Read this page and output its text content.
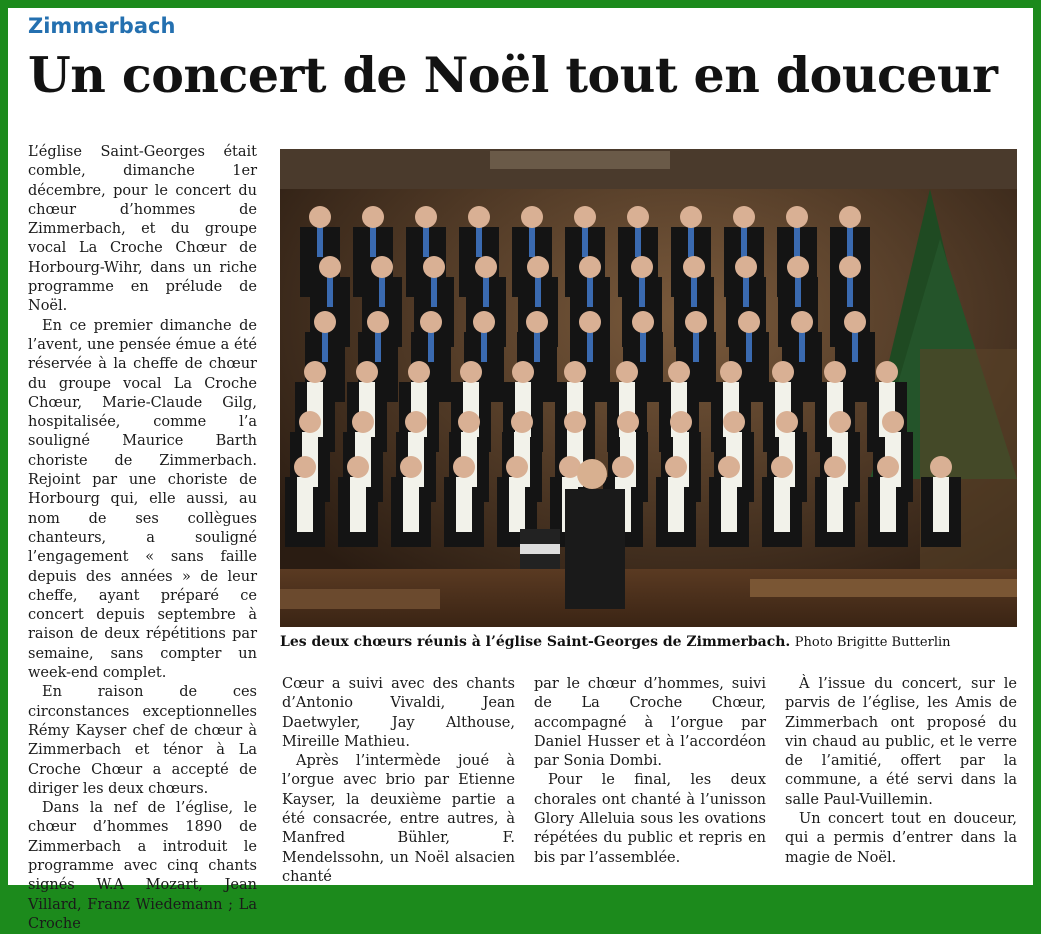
Zimmerbach
Un concert de Noël tout en douceur

L’église Saint-Georges était comble, dimanche 1er décembre, pour le concert du chœur d’hommes de Zimmerbach, et du groupe vocal La Croche Chœur de Horbourg-Wihr, dans un riche programme en prélude de Noël.

En ce premier dimanche de l’avent, une pensée émue a été réservée à la cheffe de chœur du groupe vocal La Croche Chœur, Marie-Claude Gilg, hospitalisée, comme l’a souligné Maurice Barth choriste de Zimmerbach. Rejoint par une choriste de Horbourg qui, elle aussi, au nom de ses collègues chanteurs, a souligné l’engagement « sans faille depuis des années » de leur cheffe, ayant préparé ce concert depuis septembre à raison de deux répétitions par semaine, sans compter un week-end complet.

En raison de ces circonstances exceptionnelles Rémy Kayser chef de chœur à Zimmerbach et ténor à La Croche Chœur a accepté de diriger les deux chœurs.

Dans la nef de l’église, le chœur d’hommes 1890 de Zimmerbach a introduit le programme avec cinq chants signés W.A Mozart, Jean Villard, Franz Wiedemann ; La Croche

Les deux chœurs réunis à l’église Saint-Georges de Zimmerbach. Photo Brigitte Butterlin

Cœur a suivi avec des chants d’Antonio Vivaldi, Jean Daetwyler, Jay Althouse, Mireille Mathieu.

Après l’intermède joué à l’orgue avec brio par Etienne Kayser, la deuxième partie a été consacrée, entre autres, à Manfred Bühler, F. Mendelssohn, un Noël alsacien chanté

par le chœur d’hommes, suivi de La Croche Chœur, accompagné à l’orgue par Daniel Husser et à l’accordéon par Sonia Dombi.

Pour le final, les deux chorales ont chanté à l’unisson Glory Alleluia sous les ovations répétées du public et repris en bis par l’assemblée.

À l’issue du concert, sur le parvis de l’église, les Amis de Zimmerbach ont proposé du vin chaud au public, et le verre de l’amitié, offert par la commune, a été servi dans la salle Paul-Vuillemin.

Un concert tout en douceur, qui a permis d’entrer dans la magie de Noël.
